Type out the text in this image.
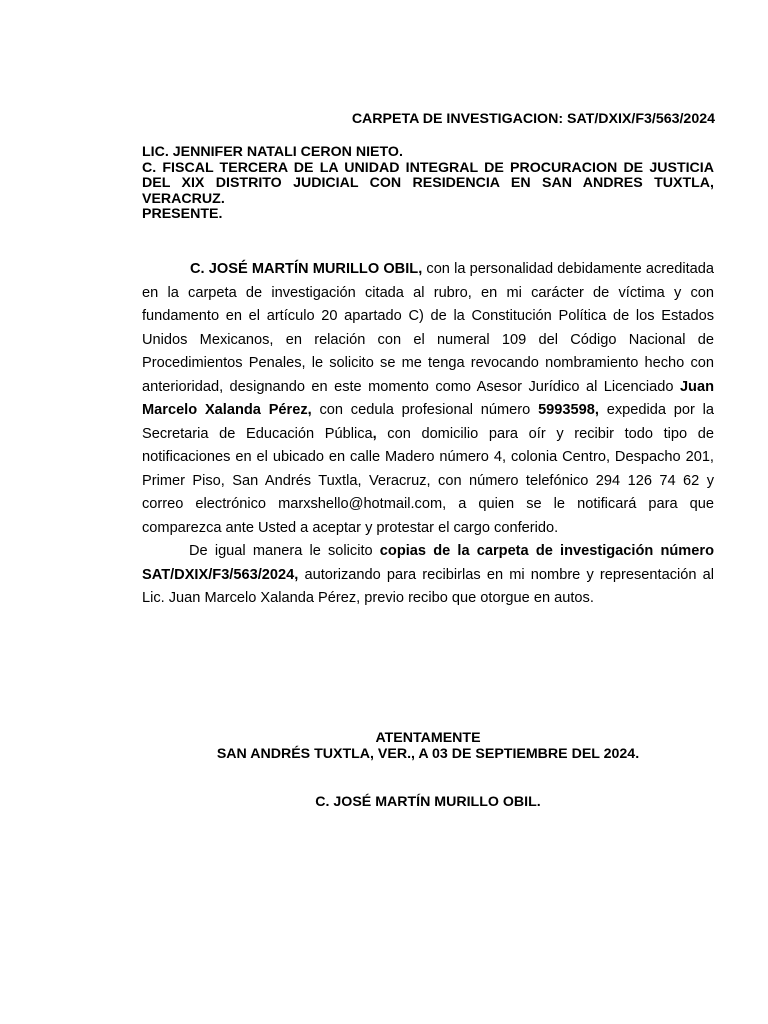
CARPETA DE INVESTIGACION: SAT/DXIX/F3/563/2024
LIC. JENNIFER NATALI CERON NIETO.
C. FISCAL TERCERA DE LA UNIDAD INTEGRAL DE PROCURACION DE JUSTICIA DEL XIX DISTRITO JUDICIAL CON RESIDENCIA EN SAN ANDRES TUXTLA, VERACRUZ.
PRESENTE.

C. JOSÉ MARTÍN MURILLO OBIL, con la personalidad debidamente acreditada en la carpeta de investigación citada al rubro, en mi carácter de víctima y con fundamento en el artículo 20 apartado C) de la Constitución Política de los Estados Unidos Mexicanos, en relación con el numeral 109 del Código Nacional de Procedimientos Penales, le solicito se me tenga revocando nombramiento hecho con anterioridad, designando en este momento como Asesor Jurídico al Licenciado Juan Marcelo Xalanda Pérez, con cedula profesional número 5993598, expedida por la Secretaria de Educación Pública, con domicilio para oír y recibir todo tipo de notificaciones en el ubicado en calle Madero número 4, colonia Centro, Despacho 201, Primer Piso, San Andrés Tuxtla, Veracruz, con número telefónico 294 126 74 62 y correo electrónico marxshello@hotmail.com, a quien se le notificará para que comparezca ante Usted a aceptar y protestar el cargo conferido.

De igual manera le solicito copias de la carpeta de investigación número SAT/DXIX/F3/563/2024, autorizando para recibirlas en mi nombre y representación al Lic. Juan Marcelo Xalanda Pérez, previo recibo que otorgue en autos.

ATENTAMENTE
SAN ANDRÉS TUXTLA, VER., A 03 DE SEPTIEMBRE DEL 2024.
C. JOSÉ MARTÍN MURILLO OBIL.
